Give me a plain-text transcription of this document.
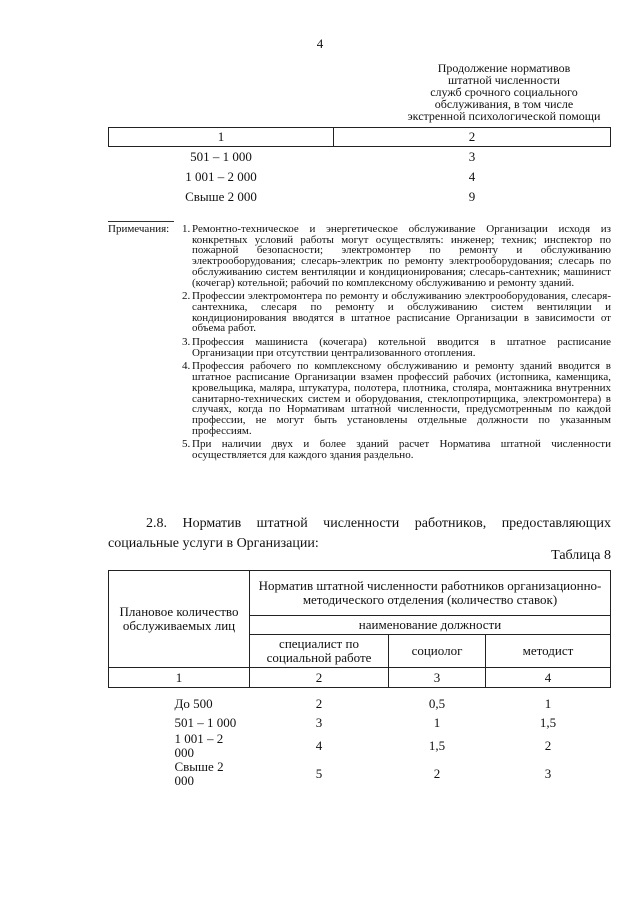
4
Продолжение нормативов
штатной численности
служб срочного социального
обслуживания, в том числе
экстренной психологической помощи
1	2
501 – 1 000	3
1 001 – 2 000	4
Свыше 2 000	9
Примечания: 1. Ремонтно-техническое и энергетическое обслуживание Организации исходя из конкретных условий работы могут осуществлять: инженер; техник; инспектор по пожарной безопасности; электромонтер по ремонту и обслуживанию электрооборудования; слесарь-электрик по ремонту электрооборудования; слесарь по обслуживанию систем вентиляции и кондиционирования; слесарь-сантехник; машинист (кочегар) котельной; рабочий по комплексному обслуживанию и ремонту зданий.
2. Профессии электромонтера по ремонту и обслуживанию электрооборудования, слесаря-сантехника, слесаря по ремонту и обслуживанию систем вентиляции и кондиционирования вводятся в штатное расписание Организации в зависимости от объема работ.
3. Профессия машиниста (кочегара) котельной вводится в штатное расписание Организации при отсутствии централизованного отопления.
4. Профессия рабочего по комплексному обслуживанию и ремонту зданий вводится в штатное расписание Организации взамен профессий рабочих (истопника, каменщика, кровельщика, маляра, штукатура, полотера, плотника, столяра, монтажника внутренних санитарно-технических систем и оборудования, стеклопротирщика, электромонтера) в случаях, когда по Нормативам штатной численности, предусмотренным по каждой профессии, не могут быть установлены отдельные должности по указанным профессиям.
5. При наличии двух и более зданий расчет Норматива штатной численности осуществляется для каждого здания раздельно.
2.8. Норматив штатной численности работников, предоставляющих социальные услуги в Организации:
Таблица 8
Плановое количество обслуживаемых лиц	Норматив штатной численности работников организационно-методического отделения (количество ставок)		
	наименование должности		
	специалист по социальной работе	социолог	методист
1	2	3	4
До 500	2	0,5	1
501 – 1 000	3	1	1,5
1 001 – 2 000	4	1,5	2
Свыше 2 000	5	2	3
